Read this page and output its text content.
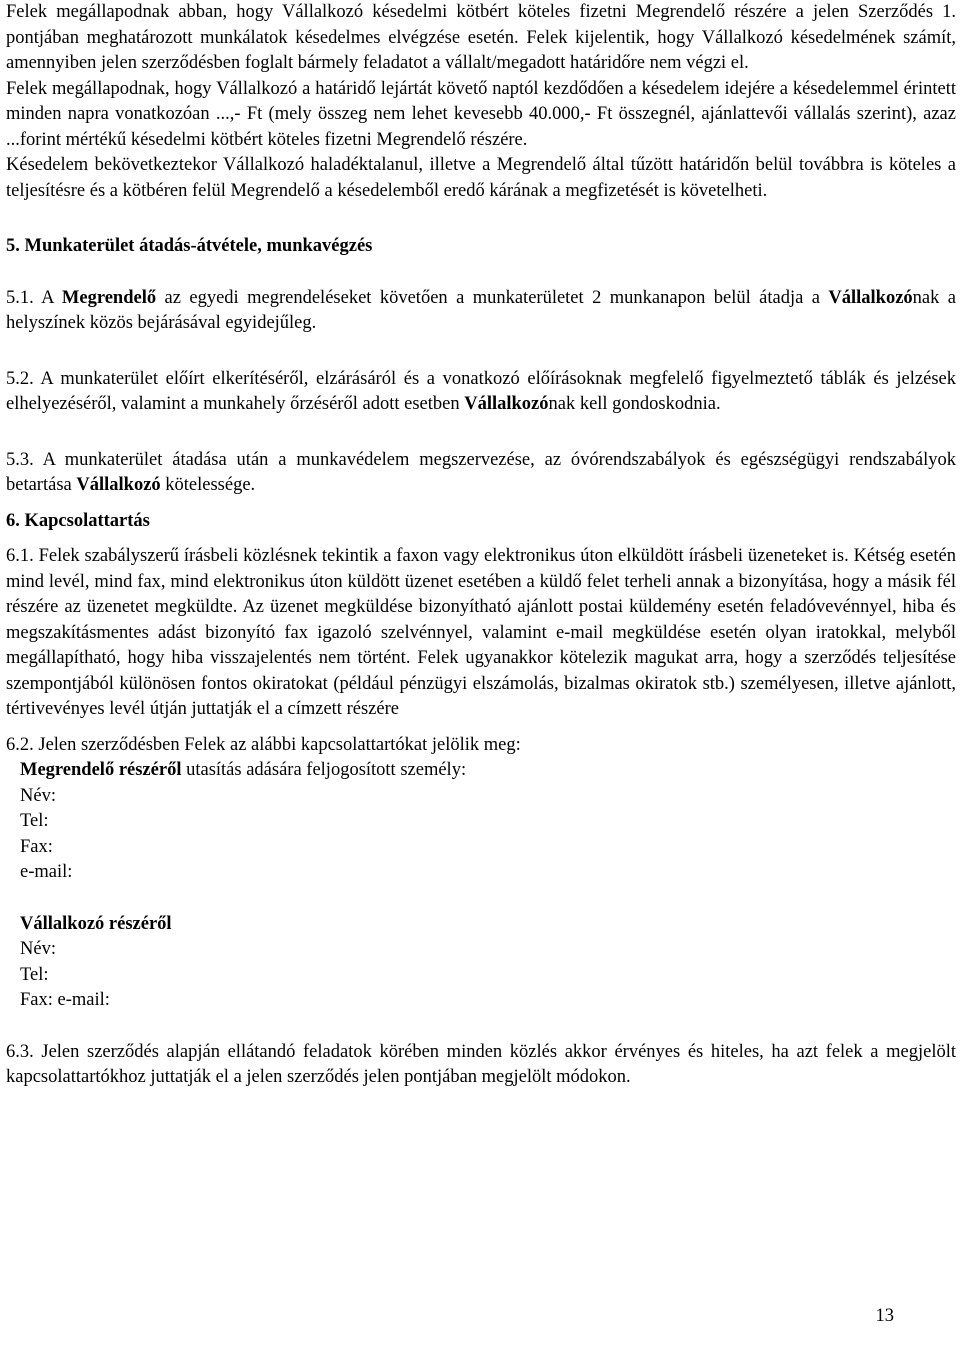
Felek megállapodnak abban, hogy Vállalkozó késedelmi kötbért köteles fizetni Megrendelő részére a jelen Szerződés 1. pontjában meghatározott munkálatok késedelmes elvégzése esetén. Felek kijelentik, hogy Vállalkozó késedelmének számít, amennyiben jelen szerződésben foglalt bármely feladatot a vállalt/megadott határidőre nem végzi el.

Felek megállapodnak, hogy Vállalkozó a határidő lejártát követő naptól kezdődően a késedelem idejére a késedelemmel érintett minden napra vonatkozóan ...,- Ft (mely összeg nem lehet kevesebb 40.000,- Ft összegnél, ajánlattevői vállalás szerint), azaz ...forint mértékű késedelmi kötbért köteles fizetni Megrendelő részére.

Késedelem bekövetkeztekor Vállalkozó haladéktalanul, illetve a Megrendelő által tűzött határidőn belül továbbra is köteles a teljesítésre és a kötbéren felül Megrendelő a késedelemből eredő kárának a megfizetését is követelheti.

5. Munkaterület átadás-átvétele, munkavégzés

5.1. A Megrendelő az egyedi megrendeléseket követően a munkaterületet 2 munkanapon belül átadja a Vállalkozónak a helyszínek közös bejárásával egyidejűleg.

5.2. A munkaterület előírt elkerítéséről, elzárásáról és a vonatkozó előírásoknak megfelelő figyelmeztető táblák és jelzések elhelyezéséről, valamint a munkahely őrzéséről adott esetben Vállalkozónak kell gondoskodnia.

5.3. A munkaterület átadása után a munkavédelem megszervezése, az óvórendszabályok és egészségügyi rendszabályok betartása Vállalkozó kötelessége.

6. Kapcsolattartás

6.1. Felek szabályszerű írásbeli közlésnek tekintik a faxon vagy elektronikus úton elküldött írásbeli üzeneteket is. Kétség esetén mind levél, mind fax, mind elektronikus úton küldött üzenet esetében a küldő felet terheli annak a bizonyítása, hogy a másik fél részére az üzenetet megküldte. Az üzenet megküldése bizonyítható ajánlott postai küldemény esetén feladóvevénnyel, hiba és megszakításmentes adást bizonyító fax igazoló szelvénnyel, valamint e-mail megküldése esetén olyan iratokkal, melyből megállapítható, hogy hiba visszajelentés nem történt. Felek ugyanakkor kötelezik magukat arra, hogy a szerződés teljesítése szempontjából különösen fontos okiratokat (például pénzügyi elszámolás, bizalmas okiratok stb.) személyesen, illetve ajánlott, tértivevényes levél útján juttatják el a címzett részére

6.2. Jelen szerződésben Felek az alábbi kapcsolattartókat jelölik meg:

Megrendelő részéről utasítás adására feljogosított személy:
Név:
Tel:
Fax:
e-mail:
Vállalkozó részéről
Név:
Tel:
Fax: e-mail:

6.3. Jelen szerződés alapján ellátandó feladatok körében minden közlés akkor érvényes és hiteles, ha azt felek a megjelölt kapcsolattartókhoz juttatják el a jelen szerződés jelen pontjában megjelölt módokon.

13
